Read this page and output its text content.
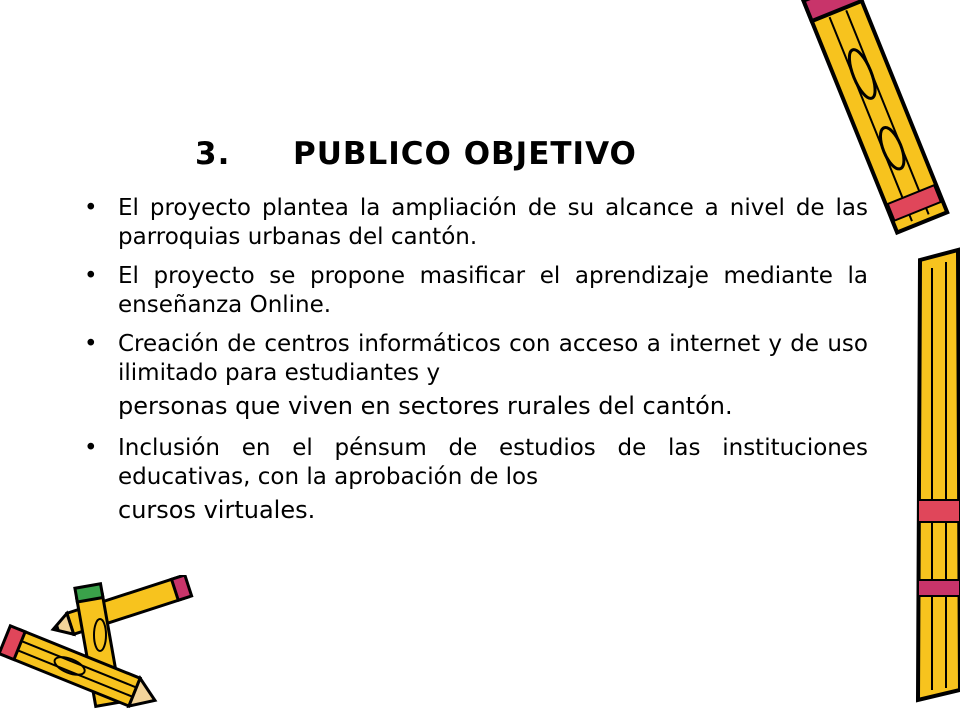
3. PUBLICO OBJETIVO
• El proyecto plantea la ampliación de su alcance a nivel de las parroquias urbanas del cantón.
• El proyecto se propone masificar el aprendizaje mediante la enseñanza Online.
• Creación de centros informáticos con acceso a internet y de uso ilimitado para estudiantes y
personas que viven en sectores rurales del cantón.
• Inclusión en el pénsum de estudios de las instituciones educativas, con la aprobación de los
cursos virtuales.
